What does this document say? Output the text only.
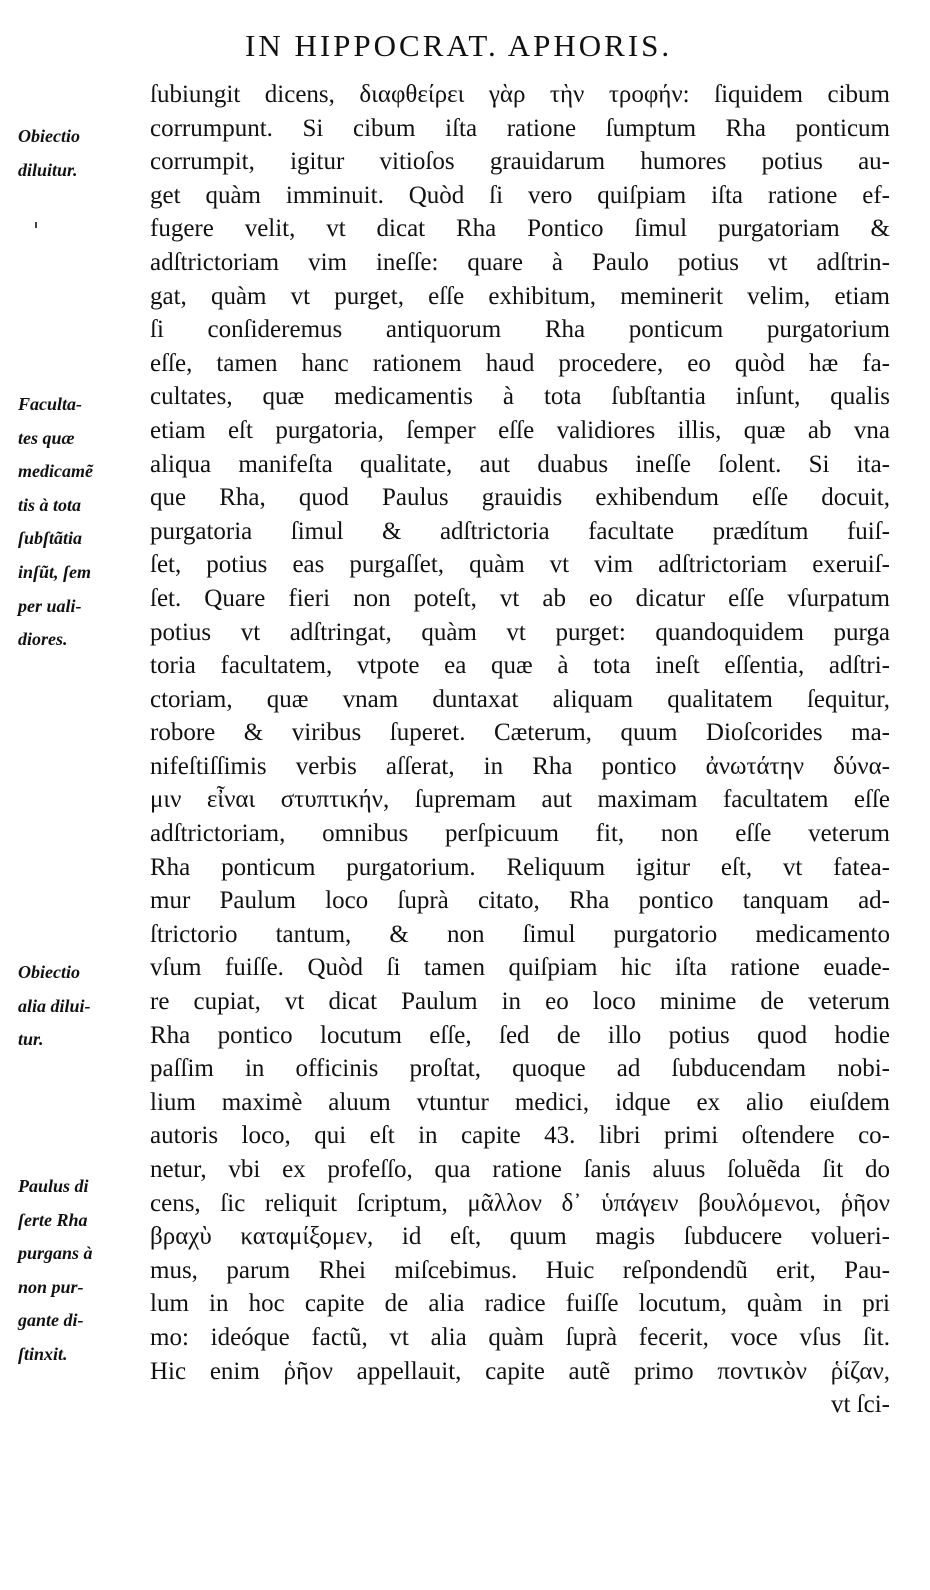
IN HIPPOCRAT. APHORIS.
ſubiungit dicens, διαφθείρει γὰρ τὴν τροφήν: ſiquidem cibum
corrumpunt. Si cibum iſta ratione ſumptum Rha ponticum
corrumpit, igitur vitioſos grauidarum humores potius au-
get quàm imminuit. Quòd ſi vero quiſpiam iſta ratione ef-
fugere velit, vt dicat Rha Pontico ſimul purgatoriam &
adſtrictoriam vim ineſſe: quare à Paulo potius vt adſtrin-
gat, quàm vt purget, eſſe exhibitum, meminerit velim, etiam
ſi conſideremus antiquorum Rha ponticum purgatorium
eſſe, tamen hanc rationem haud procedere, eo quòd hæ fa-
cultates, quæ medicamentis à tota ſubſtantia inſunt, qualis
etiam eſt purgatoria, ſemper eſſe validiores illis, quæ ab vna
aliqua manifeſta qualitate, aut duabus ineſſe ſolent. Si ita-
que Rha, quod Paulus grauidis exhibendum eſſe docuit,
purgatoria ſimul & adſtrictoria facultate prædítum fuiſ-
ſet, potius eas purgaſſet, quàm vt vim adſtrictoriam exeruiſ-
ſet. Quare fieri non poteſt, vt ab eo dicatur eſſe vſurpatum
potius vt adſtringat, quàm vt purget: quandoquidem purga
toria facultatem, vtpote ea quæ à tota ineſt eſſentia, adſtri-
ctoriam, quæ vnam duntaxat aliquam qualitatem ſequitur,
robore & viribus ſuperet. Cæterum, quum Dioſcorides ma-
nifeſtiſſimis verbis aſſerat, in Rha pontico ἀνωτάτην δύνα-
μιν εἶναι στυπτικήν, ſupremam aut maximam facultatem eſſe
adſtrictoriam, omnibus perſpicuum fit, non eſſe veterum
Rha ponticum purgatorium. Reliquum igitur eſt, vt fatea-
mur Paulum loco ſuprà citato, Rha pontico tanquam ad-
ſtrictorio tantum, & non ſimul purgatorio medicamento
vſum fuiſſe. Quòd ſi tamen quiſpiam hic iſta ratione euade-
re cupiat, vt dicat Paulum in eo loco minime de veterum
Rha pontico locutum eſſe, ſed de illo potius quod hodie
paſſim in officinis proſtat, quoque ad ſubducendam nobi-
lium maximè aluum vtuntur medici, idque ex alio eiuſdem
autoris loco, qui eſt in capite 43. libri primi oſtendere co-
netur, vbi ex profeſſo, qua ratione ſanis aluus ſoluẽda ſit do
cens, ſic reliquit ſcriptum, μᾶλλον δ᾽ ὑπάγειν βουλόμενοι, ῥῆον
βραχὺ καταμίξομεν, id eſt, quum magis ſubducere volueri-
mus, parum Rhei miſcebimus. Huic reſpondendũ erit, Pau-
lum in hoc capite de alia radice fuiſſe locutum, quàm in pri
mo: ideóque factũ, vt alia quàm ſuprà fecerit, voce vſus ſit.
Hic enim ῥῆον appellauit, capite autẽ primo ποντικὸν ῥίζαν,
vt ſci-
Obiectio
diluitur.
Faculta-
tes quæ
medicamẽ
tis à tota
ſubſtãtia
inſũt, ſem
per uali-
diores.
Obiectio
alia dilui-
tur.
Paulus di
ſerte Rha
purgans à
non pur-
gante di-
ſtinxit.
